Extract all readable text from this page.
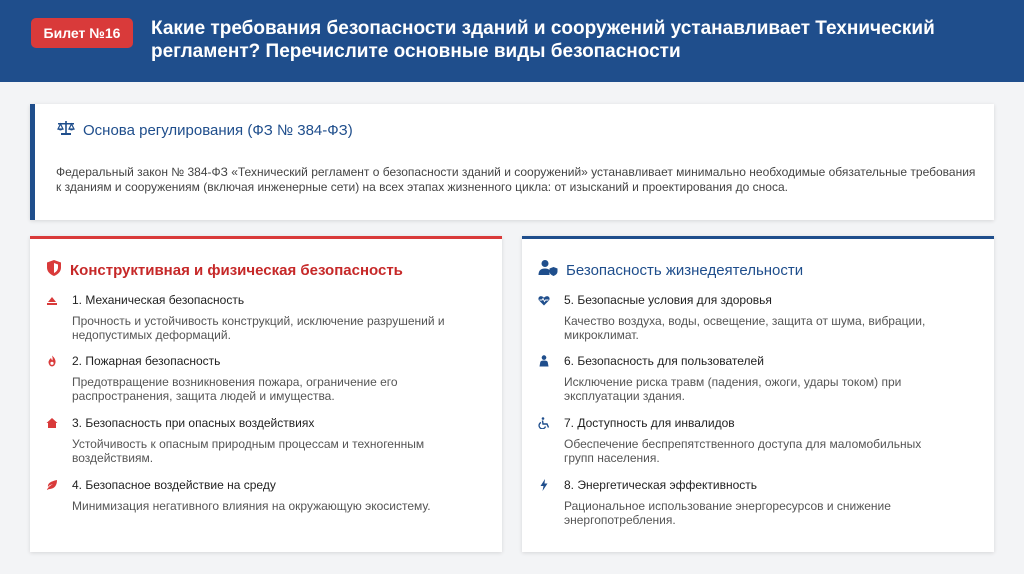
Билет №16	Какие требования безопасности зданий и сооружений устанавливает Технический регламент? Перечислите основные виды безопасности
Основа регулирования (ФЗ № 384-ФЗ)
Федеральный закон № 384-ФЗ «Технический регламент о безопасности зданий и сооружений» устанавливает минимально необходимые обязательные требования к зданиям и сооружениям (включая инженерные сети) на всех этапах жизненного цикла: от изысканий и проектирования до сноса.
Конструктивная и физическая безопасность
1. Механическая безопасность
Прочность и устойчивость конструкций, исключение разрушений и недопустимых деформаций.
2. Пожарная безопасность
Предотвращение возникновения пожара, ограничение его распространения, защита людей и имущества.
3. Безопасность при опасных воздействиях
Устойчивость к опасным природным процессам и техногенным воздействиям.
4. Безопасное воздействие на среду
Минимизация негативного влияния на окружающую экосистему.
Безопасность жизнедеятельности
5. Безопасные условия для здоровья
Качество воздуха, воды, освещение, защита от шума, вибрации, микроклимат.
6. Безопасность для пользователей
Исключение риска травм (падения, ожоги, удары током) при эксплуатации здания.
7. Доступность для инвалидов
Обеспечение беспрепятственного доступа для маломобильных групп населения.
8. Энергетическая эффективность
Рациональное использование энергоресурсов и снижение энергопотребления.
